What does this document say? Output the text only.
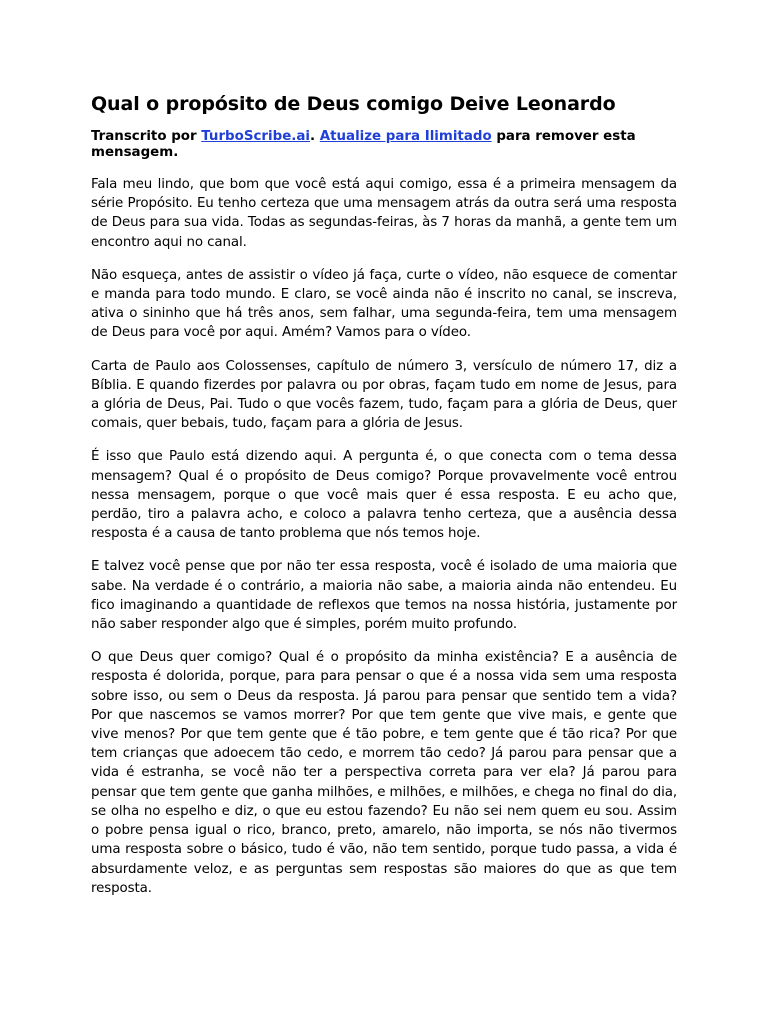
Qual o propósito de Deus comigo Deive Leonardo

Transcrito por TurboScribe.ai. Atualize para Ilimitado para remover esta mensagem.

Fala meu lindo, que bom que você está aqui comigo, essa é a primeira mensagem da série Propósito. Eu tenho certeza que uma mensagem atrás da outra será uma resposta de Deus para sua vida. Todas as segundas-feiras, às 7 horas da manhã, a gente tem um encontro aqui no canal.

Não esqueça, antes de assistir o vídeo já faça, curte o vídeo, não esquece de comentar e manda para todo mundo. E claro, se você ainda não é inscrito no canal, se inscreva, ativa o sininho que há três anos, sem falhar, uma segunda-feira, tem uma mensagem de Deus para você por aqui. Amém? Vamos para o vídeo.

Carta de Paulo aos Colossenses, capítulo de número 3, versículo de número 17, diz a Bíblia. E quando fizerdes por palavra ou por obras, façam tudo em nome de Jesus, para a glória de Deus, Pai. Tudo o que vocês fazem, tudo, façam para a glória de Deus, quer comais, quer bebais, tudo, façam para a glória de Jesus.

É isso que Paulo está dizendo aqui. A pergunta é, o que conecta com o tema dessa mensagem? Qual é o propósito de Deus comigo? Porque provavelmente você entrou nessa mensagem, porque o que você mais quer é essa resposta. E eu acho que, perdão, tiro a palavra acho, e coloco a palavra tenho certeza, que a ausência dessa resposta é a causa de tanto problema que nós temos hoje.

E talvez você pense que por não ter essa resposta, você é isolado de uma maioria que sabe. Na verdade é o contrário, a maioria não sabe, a maioria ainda não entendeu. Eu fico imaginando a quantidade de reflexos que temos na nossa história, justamente por não saber responder algo que é simples, porém muito profundo.

O que Deus quer comigo? Qual é o propósito da minha existência? E a ausência de resposta é dolorida, porque, para para pensar o que é a nossa vida sem uma resposta sobre isso, ou sem o Deus da resposta. Já parou para pensar que sentido tem a vida? Por que nascemos se vamos morrer? Por que tem gente que vive mais, e gente que vive menos? Por que tem gente que é tão pobre, e tem gente que é tão rica? Por que tem crianças que adoecem tão cedo, e morrem tão cedo? Já parou para pensar que a vida é estranha, se você não ter a perspectiva correta para ver ela? Já parou para pensar que tem gente que ganha milhões, e milhões, e milhões, e chega no final do dia, se olha no espelho e diz, o que eu estou fazendo? Eu não sei nem quem eu sou. Assim o pobre pensa igual o rico, branco, preto, amarelo, não importa, se nós não tivermos uma resposta sobre o básico, tudo é vão, não tem sentido, porque tudo passa, a vida é absurdamente veloz, e as perguntas sem respostas são maiores do que as que tem resposta.
